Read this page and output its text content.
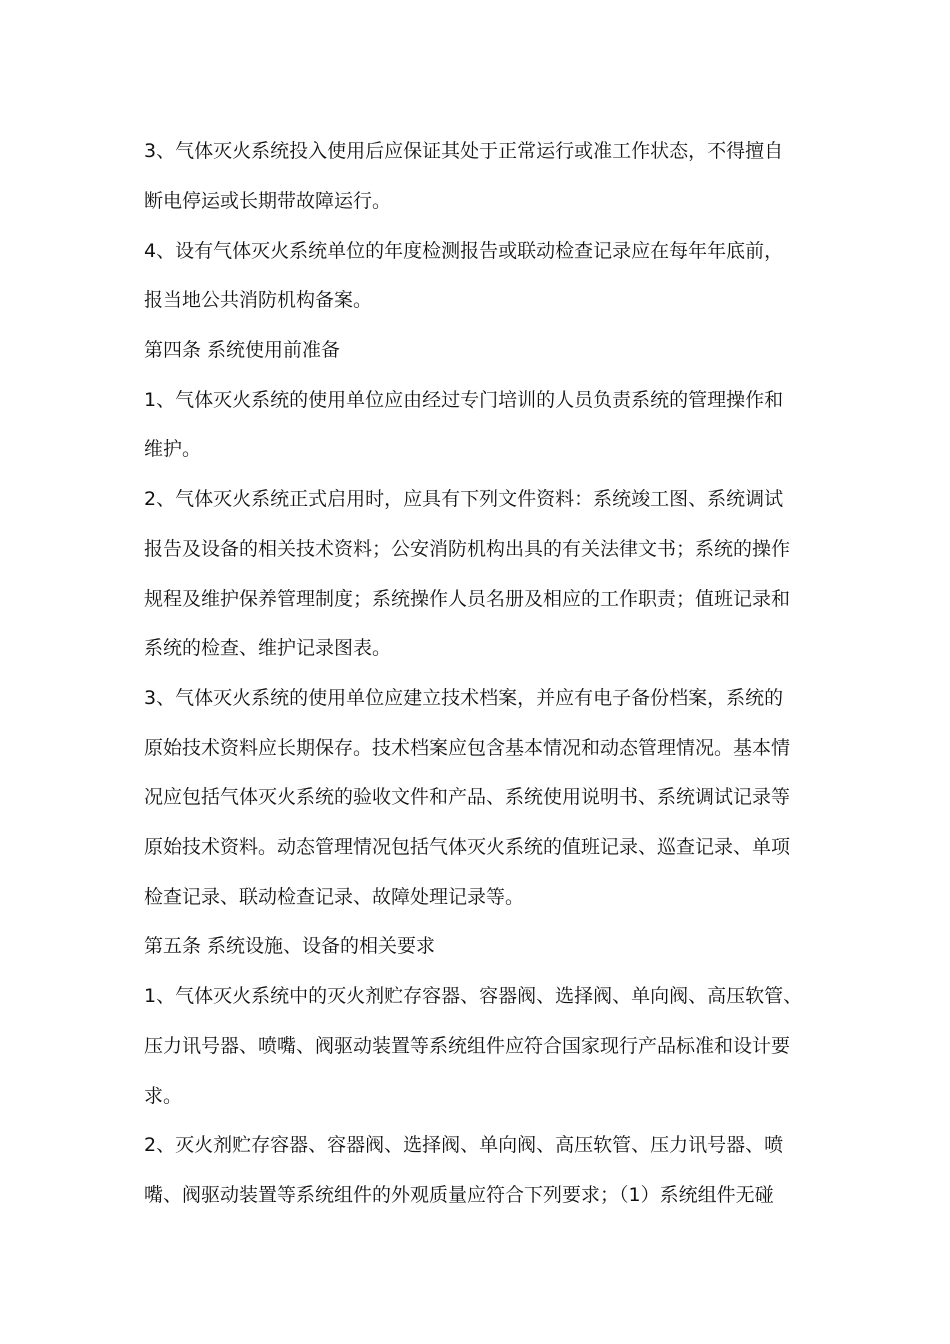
3、气体灭火系统投入使用后应保证其处于正常运行或准工作状态，不得擅自
断电停运或长期带故障运行。
4、设有气体灭火系统单位的年度检测报告或联动检查记录应在每年年底前，
报当地公共消防机构备案。
第四条 系统使用前准备
1、气体灭火系统的使用单位应由经过专门培训的人员负责系统的管理操作和
维护。
2、气体灭火系统正式启用时，应具有下列文件资料：系统竣工图、系统调试
报告及设备的相关技术资料；公安消防机构出具的有关法律文书；系统的操作
规程及维护保养管理制度；系统操作人员名册及相应的工作职责；值班记录和
系统的检查、维护记录图表。
3、气体灭火系统的使用单位应建立技术档案，并应有电子备份档案，系统的
原始技术资料应长期保存。技术档案应包含基本情况和动态管理情况。基本情
况应包括气体灭火系统的验收文件和产品、系统使用说明书、系统调试记录等
原始技术资料。动态管理情况包括气体灭火系统的值班记录、巡查记录、单项
检查记录、联动检查记录、故障处理记录等。
第五条 系统设施、设备的相关要求
1、气体灭火系统中的灭火剂贮存容器、容器阀、选择阀、单向阀、高压软管、
压力讯号器、喷嘴、阀驱动装置等系统组件应符合国家现行产品标准和设计要
求。
2、灭火剂贮存容器、容器阀、选择阀、单向阀、高压软管、压力讯号器、喷
嘴、阀驱动装置等系统组件的外观质量应符合下列要求；（1）系统组件无碰
